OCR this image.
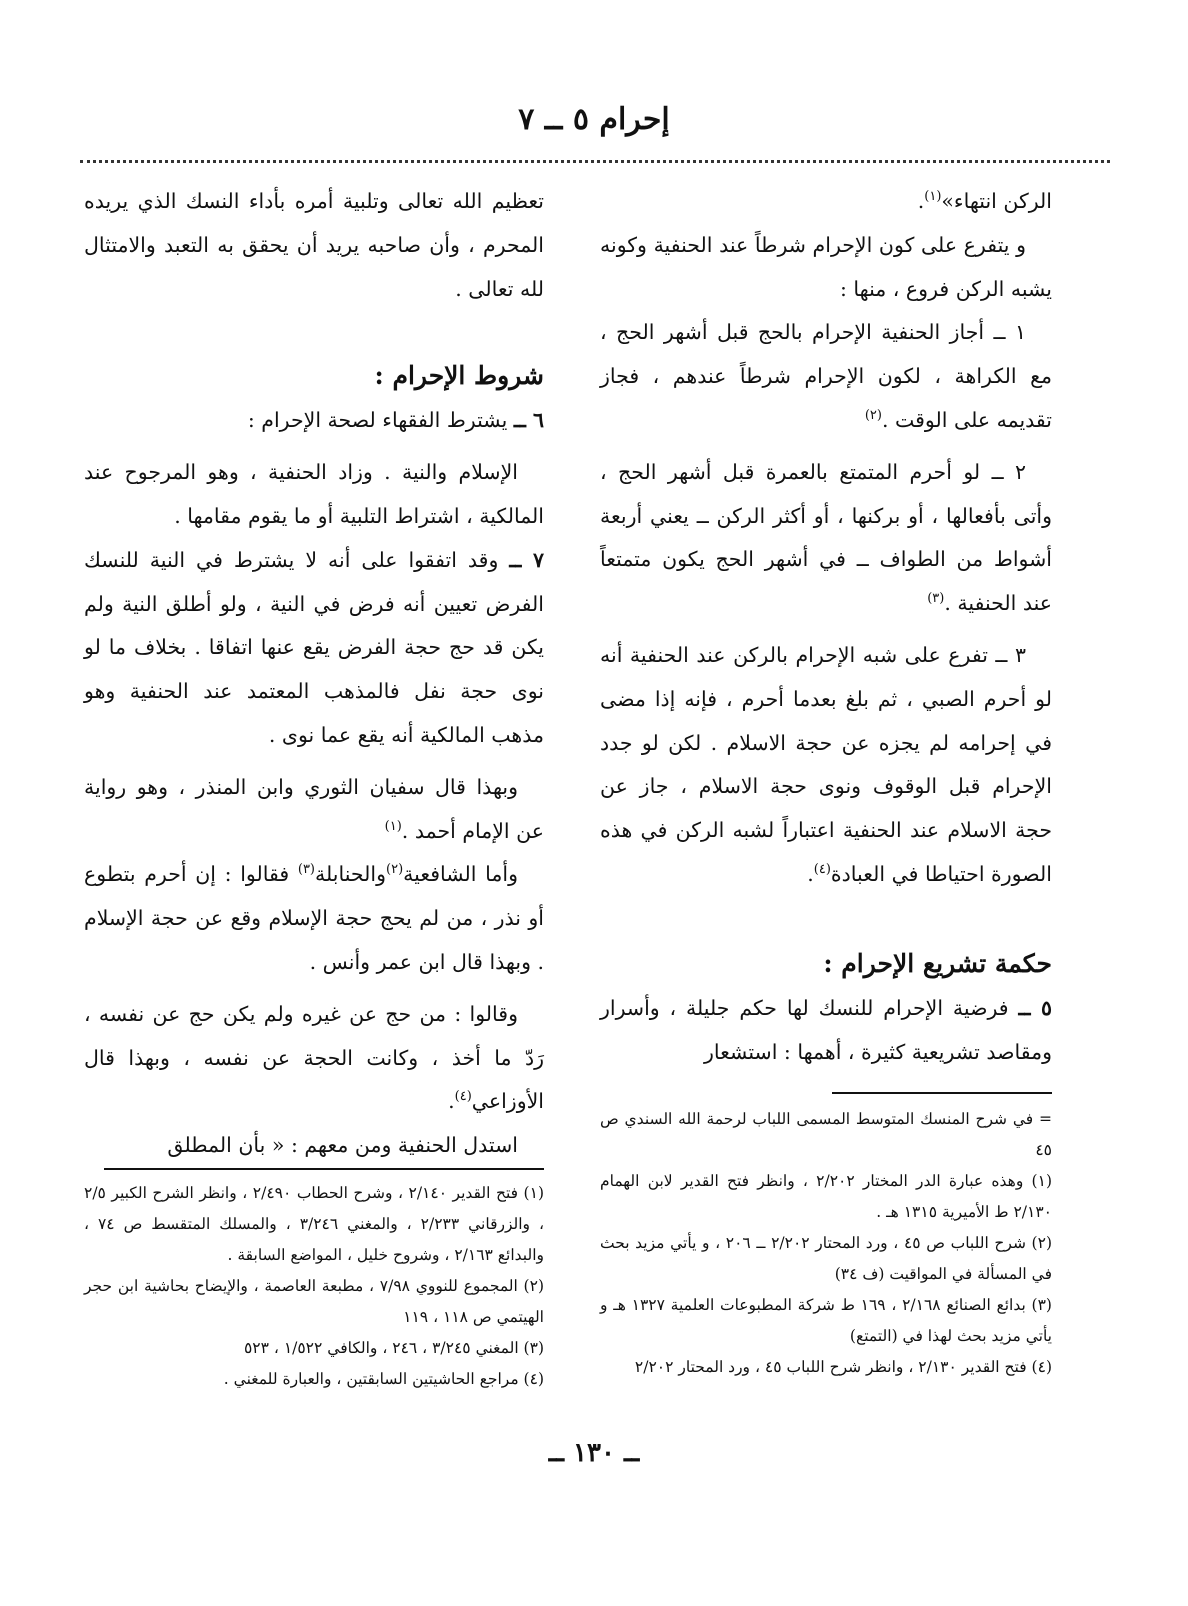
إحرام ٥ ــ ٧

الركن انتهاء»$^{(١)}$.

و يتفرع على كون الإحرام شرطاً عند الحنفية وكونه يشبه الركن فروع ، منها :

١ ــ أجاز الحنفية الإحرام بالحج قبل أشهر الحج ، مع الكراهة ، لكون الإحرام شرطاً عندهم ، فجاز تقديمه على الوقت .$^{(٢)}$

٢ ــ لو أحرم المتمتع بالعمرة قبل أشهر الحج ، وأتى بأفعالها ، أو بركنها ، أو أكثر الركن ــ يعني أربعة أشواط من الطواف ــ في أشهر الحج يكون متمتعاً عند الحنفية .$^{(٣)}$

٣ ــ تفرع على شبه الإحرام بالركن عند الحنفية أنه لو أحرم الصبي ، ثم بلغ بعدما أحرم ، فإنه إذا مضى في إحرامه لم يجزه عن حجة الاسلام . لكن لو جدد الإحرام قبل الوقوف ونوى حجة الاسلام ، جاز عن حجة الاسلام عند الحنفية اعتباراً لشبه الركن في هذه الصورة احتياطا في العبادة$^{(٤)}$.

حكمة تشريع الإحرام :

٥ ــ فرضية الإحرام للنسك لها حكم جليلة ، وأسرار ومقاصد تشريعية كثيرة ، أهمها : استشعار

= في شرح المنسك المتوسط المسمى اللباب لرحمة الله السندي ص ٤٥

(١) وهذه عبارة الدر المختار ٢/٢٠٢ ، وانظر فتح القدير لابن الهمام ٢/١٣٠ ط الأميرية ١٣١٥ هـ .

(٢) شرح اللباب ص ٤٥ ، ورد المحتار ٢/٢٠٢ ــ ٢٠٦ ، و يأتي مزيد بحث في المسألة في المواقيت (ف ٣٤)

(٣) بدائع الصنائع ٢/١٦٨ ، ١٦٩ ط شركة المطبوعات العلمية ١٣٢٧ هـ و يأتي مزيد بحث لهذا في (التمتع)

(٤) فتح القدير ٢/١٣٠ ، وانظر شرح اللباب ٤٥ ، ورد المحتار ٢/٢٠٢

تعظيم الله تعالى وتلبية أمره بأداء النسك الذي يريده المحرم ، وأن صاحبه يريد أن يحقق به التعبد والامتثال لله تعالى .

شروط الإحرام :

٦ ــ يشترط الفقهاء لصحة الإحرام :

الإسلام والنية . وزاد الحنفية ، وهو المرجوح عند المالكية ، اشتراط التلبية أو ما يقوم مقامها .

٧ ــ وقد اتفقوا على أنه لا يشترط في النية للنسك الفرض تعيين أنه فرض في النية ، ولو أطلق النية ولم يكن قد حج حجة الفرض يقع عنها اتفاقا . بخلاف ما لو نوى حجة نفل فالمذهب المعتمد عند الحنفية وهو مذهب المالكية أنه يقع عما نوى .

وبهذا قال سفيان الثوري وابن المنذر ، وهو رواية عن الإمام أحمد .$^{(١)}$

وأما الشافعية$^{(٢)}$والحنابلة$^{(٣)}$ فقالوا : إن أحرم بتطوع أو نذر ، من لم يحج حجة الإسلام وقع عن حجة الإسلام . وبهذا قال ابن عمر وأنس .

وقالوا : من حج عن غيره ولم يكن حج عن نفسه ، رَدّ ما أخذ ، وكانت الحجة عن نفسه ، وبهذا قال الأوزاعي$^{(٤)}$.

استدل الحنفية ومن معهم : « بأن المطلق

(١) فتح القدير ٢/١٤٠ ، وشرح الحطاب ٢/٤٩٠ ، وانظر الشرح الكبير ٢/٥ ، والزرقاني ٢/٢٣٣ ، والمغني ٣/٢٤٦ ، والمسلك المتقسط ص ٧٤ ، والبدائع ٢/١٦٣ ، وشروح خليل ، المواضع السابقة .

(٢) المجموع للنووي ٧/٩٨ ، مطبعة العاصمة ، والإيضاح بحاشية ابن حجر الهيتمي ص ١١٨ ، ١١٩

(٣) المغني ٣/٢٤٥ ، ٢٤٦ ، والكافي ١/٥٢٢ ، ٥٢٣

(٤) مراجع الحاشيتين السابقتين ، والعبارة للمغني .

ــ ١٣٠ ــ
